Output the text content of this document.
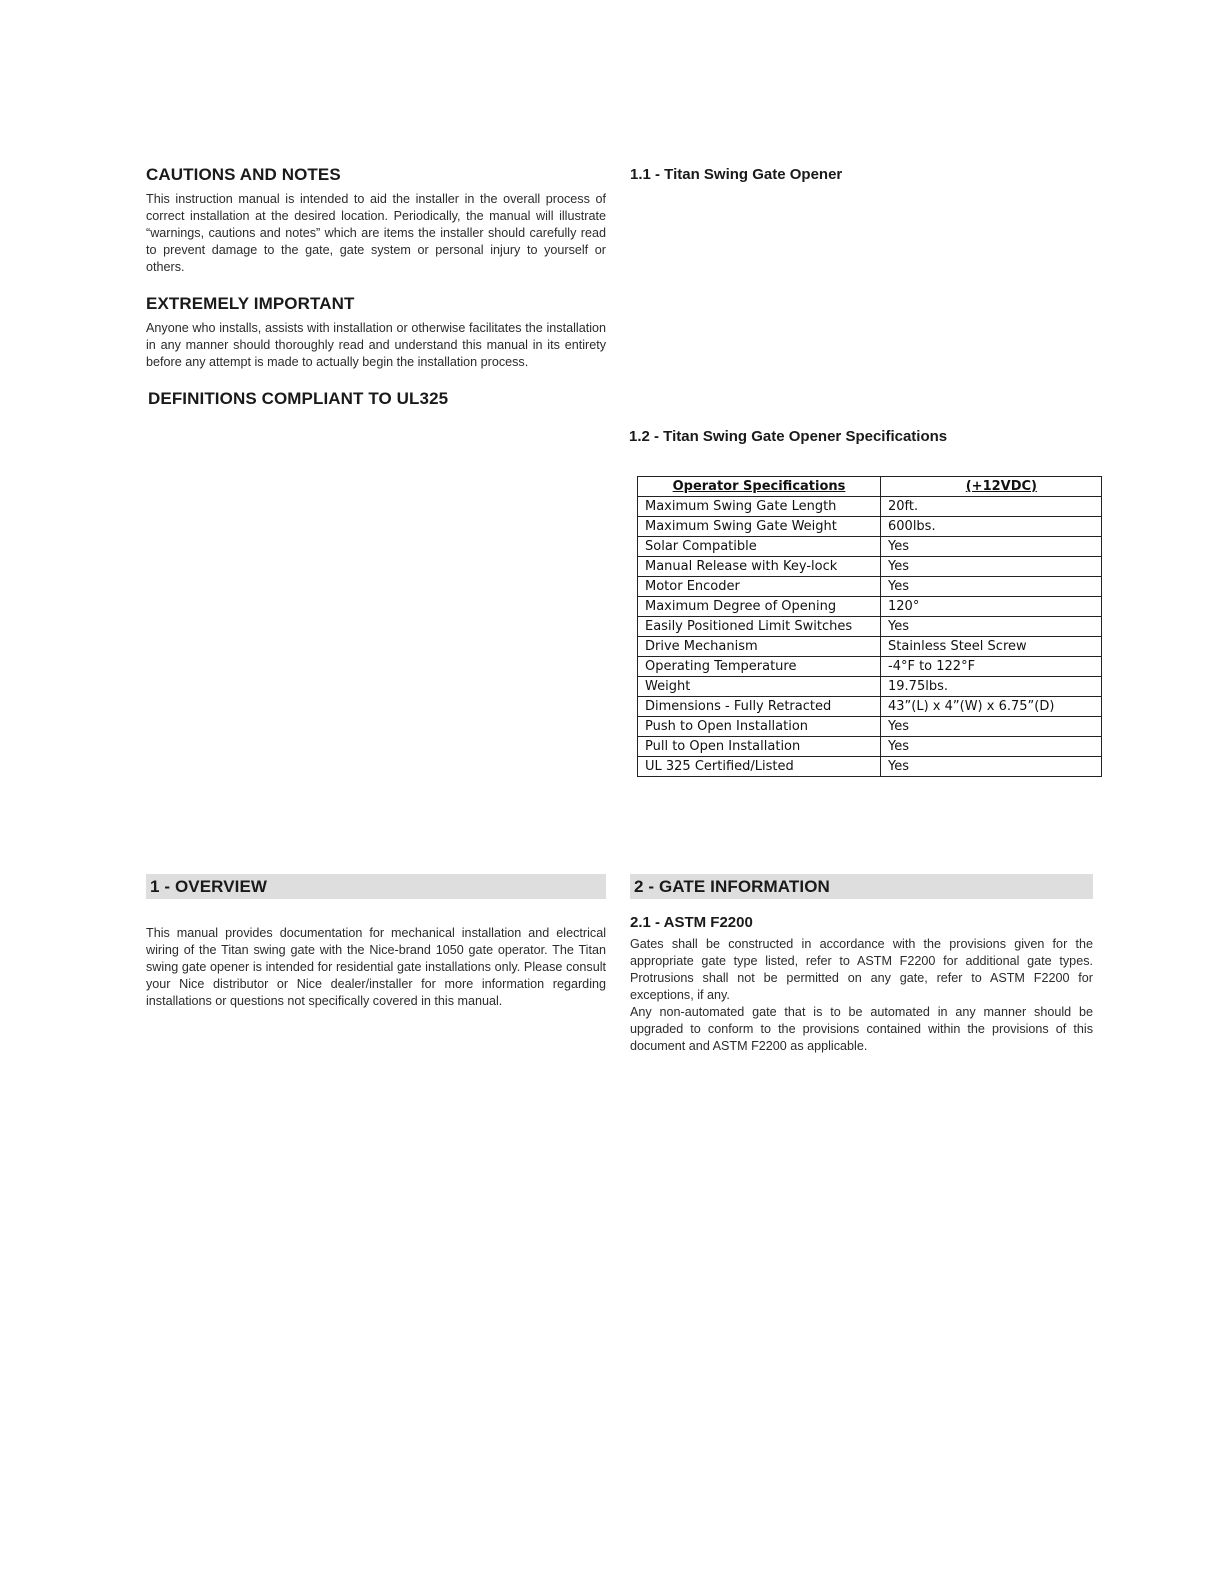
CAUTIONS AND NOTES

This instruction manual is intended to aid the installer in the overall process of correct installation at the desired location. Periodically, the manual will illustrate “warnings, cautions and notes” which are items the installer should carefully read to prevent damage to the gate, gate system or personal injury to yourself or others.

EXTREMELY IMPORTANT

Anyone who installs, assists with installation or otherwise facilitates the installation in any manner should thoroughly read and understand this manual in its entirety before any attempt is made to actually begin the installation process.

DEFINITIONS COMPLIANT TO UL325
1 - OVERVIEW

This manual provides documentation for mechanical installation and electrical wiring of the Titan swing gate with the Nice-brand 1050 gate operator. The Titan swing gate opener is intended for residential gate installations only. Please consult your Nice distributor or Nice dealer/installer for more information regarding installations or questions not specifically covered in this manual.

1.1 - Titan Swing Gate Opener
1.2 - Titan Swing Gate Opener Specifications
Operator Specifications	(+12VDC)
Maximum Swing Gate Length	20ft.
Maximum Swing Gate Weight	600lbs.
Solar Compatible	Yes
Manual Release with Key-lock	Yes
Motor Encoder	Yes
Maximum Degree of Opening	120°
Easily Positioned Limit Switches	Yes
Drive Mechanism	Stainless Steel Screw
Operating Temperature	-4°F to 122°F
Weight	19.75lbs.
Dimensions - Fully Retracted	43”(L) x 4”(W) x 6.75”(D)
Push to Open Installation	Yes
Pull to Open Installation	Yes
UL 325 Certified/Listed	Yes
2 - GATE INFORMATION
2.1 - ASTM F2200

Gates shall be constructed in accordance with the provisions given for the appropriate gate type listed, refer to ASTM F2200 for additional gate types. Protrusions shall not be permitted on any gate, refer to ASTM F2200 for exceptions, if any.

Any non-automated gate that is to be automated in any manner should be upgraded to conform to the provisions contained within the provisions of this document and ASTM F2200 as applicable.
